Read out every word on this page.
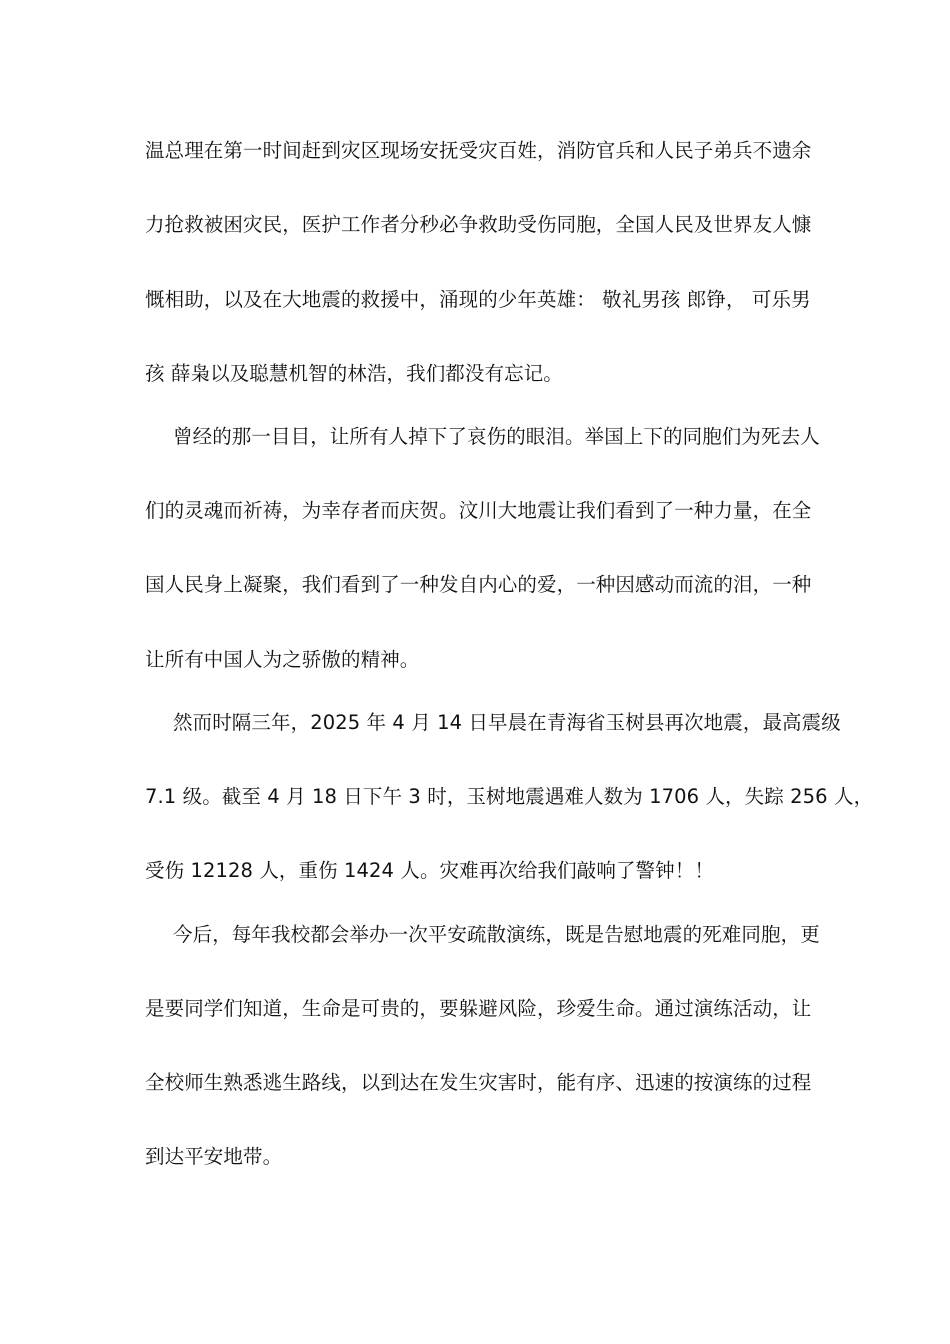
温总理在第一时间赶到灾区现场安抚受灾百姓，消防官兵和人民子弟兵不遗余
力抢救被困灾民，医护工作者分秒必争救助受伤同胞，全国人民及世界友人慷
慨相助，以及在大地震的救援中，涌现的少年英雄： 敬礼男孩 郎铮， 可乐男
孩 薛枭以及聪慧机智的林浩，我们都没有忘记。
曾经的那一目目，让所有人掉下了哀伤的眼泪。举国上下的同胞们为死去人
们的灵魂而祈祷，为幸存者而庆贺。汶川大地震让我们看到了一种力量，在全
国人民身上凝聚，我们看到了一种发自内心的爱，一种因感动而流的泪，一种
让所有中国人为之骄傲的精神。
然而时隔三年，2025 年 4 月 14 日早晨在青海省玉树县再次地震，最高震级
7.1 级。截至 4 月 18 日下午 3 时，玉树地震遇难人数为 1706 人，失踪 256 人，
受伤 12128 人，重伤 1424 人。灾难再次给我们敲响了警钟！！
今后，每年我校都会举办一次平安疏散演练，既是告慰地震的死难同胞，更
是要同学们知道，生命是可贵的，要躲避风险，珍爱生命。通过演练活动，让
全校师生熟悉逃生路线，以到达在发生灾害时，能有序、迅速的按演练的过程
到达平安地带。
